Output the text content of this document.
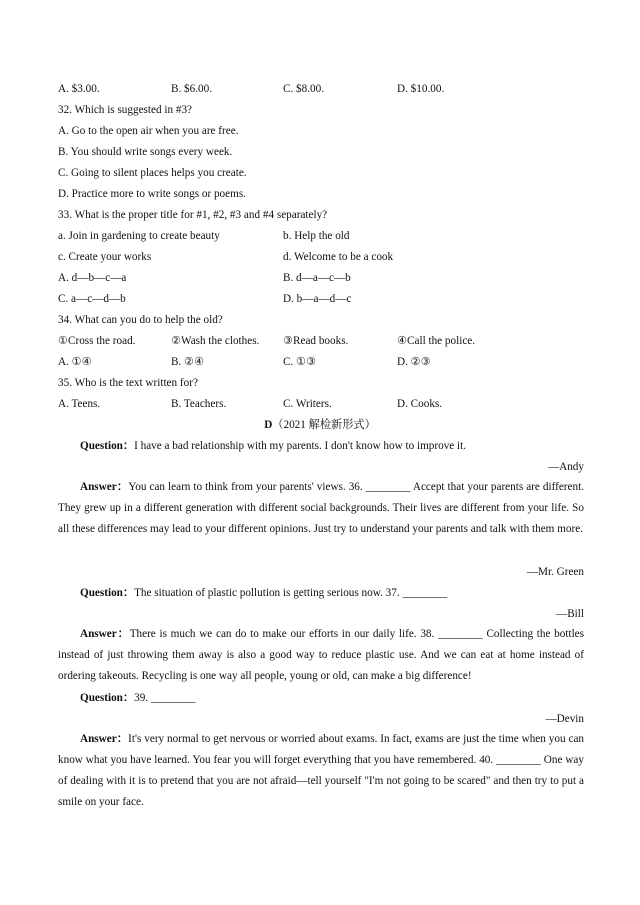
A. $3.00.	B. $6.00.	C. $8.00.	D. $10.00.
32. Which is suggested in #3?
A. Go to the open air when you are free.
B. You should write songs every week.
C. Going to silent places helps you create.
D. Practice more to write songs or poems.
33. What is the proper title for #1, #2, #3 and #4 separately?
a. Join in gardening to create beauty	b. Help the old
c. Create your works	d. Welcome to be a cook
A. d—b—c—a	B. d—a—c—b
C. a—c—d—b	D. b—a—d—c
34. What can you do to help the old?
①Cross the road.	②Wash the clothes. ③Read books.	④Call the police.
A. ①④	B. ②④	C. ①③	D. ②③
35. Who is the text written for?
A. Teens.	B. Teachers.	C. Writers.	D. Cooks.
D（2021 解检新形式）
Question：I have a bad relationship with my parents. I don't know how to improve it.
—Andy
Answer：You can learn to think from your parents' views. 36. ________ Accept that your parents are different. They grew up in a different generation with different social backgrounds. Their lives are different from your life. So all these differences may lead to your different opinions. Just try to understand your parents and talk with them more.
—Mr. Green
Question：The situation of plastic pollution is getting serious now. 37. ________
—Bill
Answer：There is much we can do to make our efforts in our daily life. 38. ________ Collecting the bottles instead of just throwing them away is also a good way to reduce plastic use. And we can eat at home instead of ordering takeouts. Recycling is one way all people, young or old, can make a big difference!
Question：39. ________
—Devin
Answer：It's very normal to get nervous or worried about exams. In fact, exams are just the time when you can know what you have learned. You fear you will forget everything that you have remembered. 40. ________ One way of dealing with it is to pretend that you are not afraid—tell yourself "I'm not going to be scared" and then try to put a smile on your face.
